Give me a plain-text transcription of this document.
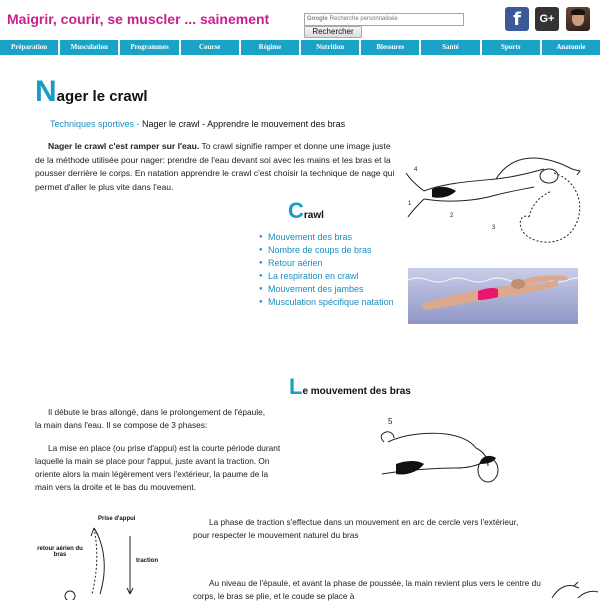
Maigrir, courir, se muscler ... sainement	Google Recherche personnalisée
Rechercher
f	G+
Préparation	Musculation	Programmes	Course	Régime	Nutrition	Blessures	Santé	Sports	Anatomie
Nager le crawl
Techniques sportives - Nager le crawl - Apprendre le mouvement des bras

Nager le crawl c'est ramper sur l'eau. To crawl signifie ramper et donne une image juste de la méthode utilisée pour nager: prendre de l'eau devant soi avec les mains et les bras et la pousser derrière le corps. En natation apprendre le crawl c'est choisir la technique de nage qui permet d'aller le plus vite dans l'eau.

1
2
3
4
Crawl
● Mouvement des bras
● Nombre de coups de bras
● Retour aérien
● La respiration en crawl
● Mouvement des jambes
● Musculation spécifique natation
Le mouvement des bras

Il débute le bras allongé, dans le prolongement de l'épaule, la main dans l'eau. Il se compose de 3 phases:

La mise en place (ou prise d'appui) est la courte période durant laquelle la main se place pour l'appui, juste avant la traction. On oriente alors la main légèrement vers l'extérieur, la paume de la main vers la droite et le bas du mouvement.

5
Prise d'appui
retour aérien du bras
traction

La phase de traction s'effectue dans un mouvement en arc de cercle vers l'extérieur, pour respecter le mouvement naturel du bras

Au niveau de l'épaule, et avant la phase de poussée, la main revient plus vers le centre du corps, le bras se plie, et le coude se place à
